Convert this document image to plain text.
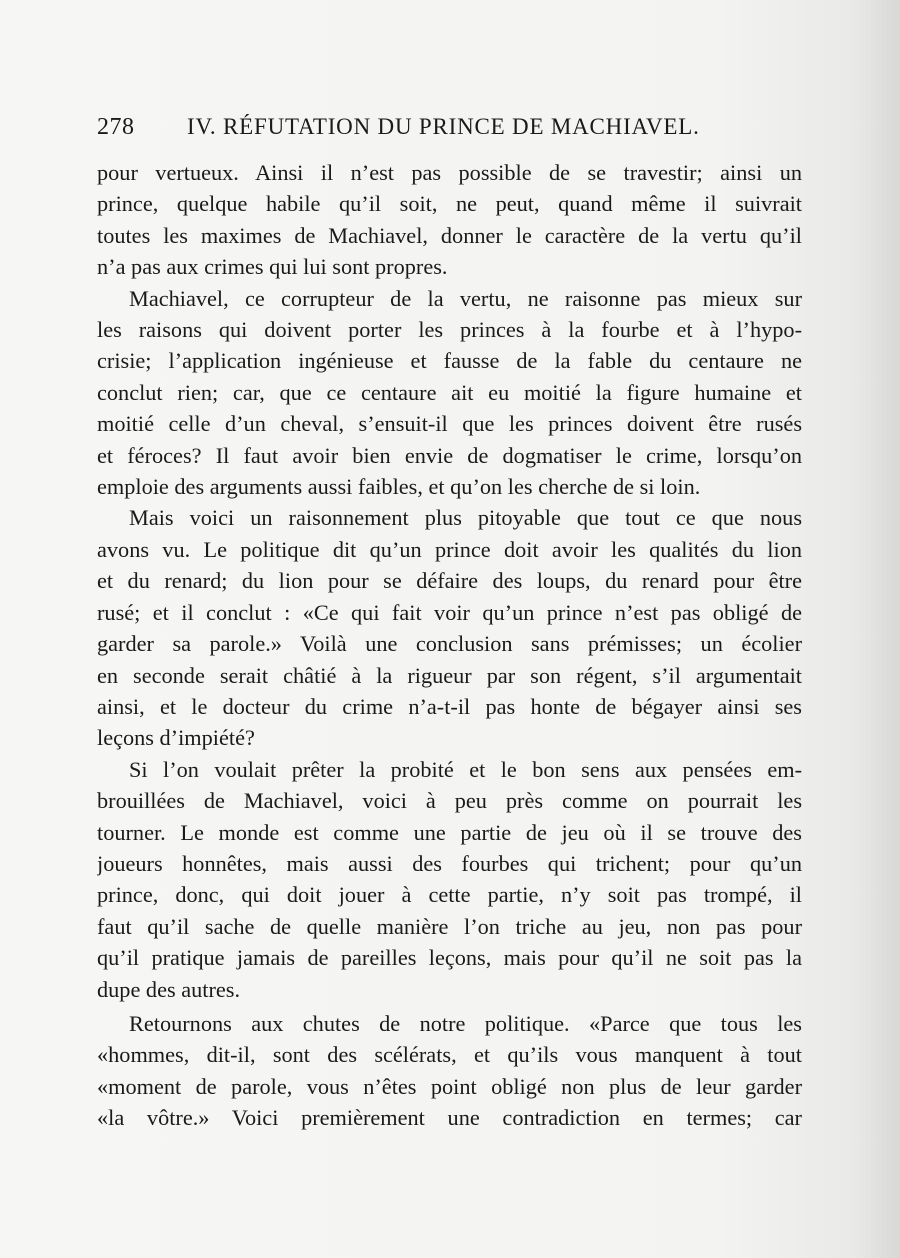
278 IV. RÉFUTATION DU PRINCE DE MACHIAVEL.

pour vertueux. Ainsi il n’est pas possible de se travestir; ainsi un
prince, quelque habile qu’il soit, ne peut, quand même il suivrait
toutes les maximes de Machiavel, donner le caractère de la vertu qu’il
n’a pas aux crimes qui lui sont propres.

Machiavel, ce corrupteur de la vertu, ne raisonne pas mieux sur
les raisons qui doivent porter les princes à la fourbe et à l’hypo-
crisie; l’application ingénieuse et fausse de la fable du centaure ne
conclut rien; car, que ce centaure ait eu moitié la figure humaine et
moitié celle d’un cheval, s’ensuit-il que les princes doivent être rusés
et féroces? Il faut avoir bien envie de dogmatiser le crime, lorsqu’on
emploie des arguments aussi faibles, et qu’on les cherche de si loin.

Mais voici un raisonnement plus pitoyable que tout ce que nous
avons vu. Le politique dit qu’un prince doit avoir les qualités du lion
et du renard; du lion pour se défaire des loups, du renard pour être
rusé; et il conclut : «Ce qui fait voir qu’un prince n’est pas obligé de
garder sa parole.» Voilà une conclusion sans prémisses; un écolier
en seconde serait châtié à la rigueur par son régent, s’il argumentait
ainsi, et le docteur du crime n’a-t-il pas honte de bégayer ainsi ses
leçons d’impiété?

Si l’on voulait prêter la probité et le bon sens aux pensées em-
brouillées de Machiavel, voici à peu près comme on pourrait les
tourner. Le monde est comme une partie de jeu où il se trouve des
joueurs honnêtes, mais aussi des fourbes qui trichent; pour qu’un
prince, donc, qui doit jouer à cette partie, n’y soit pas trompé, il
faut qu’il sache de quelle manière l’on triche au jeu, non pas pour
qu’il pratique jamais de pareilles leçons, mais pour qu’il ne soit pas la
dupe des autres.

Retournons aux chutes de notre politique. «Parce que tous les
«hommes, dit-il, sont des scélérats, et qu’ils vous manquent à tout
«moment de parole, vous n’êtes point obligé non plus de leur garder
«la vôtre.» Voici premièrement une contradiction en termes; car
